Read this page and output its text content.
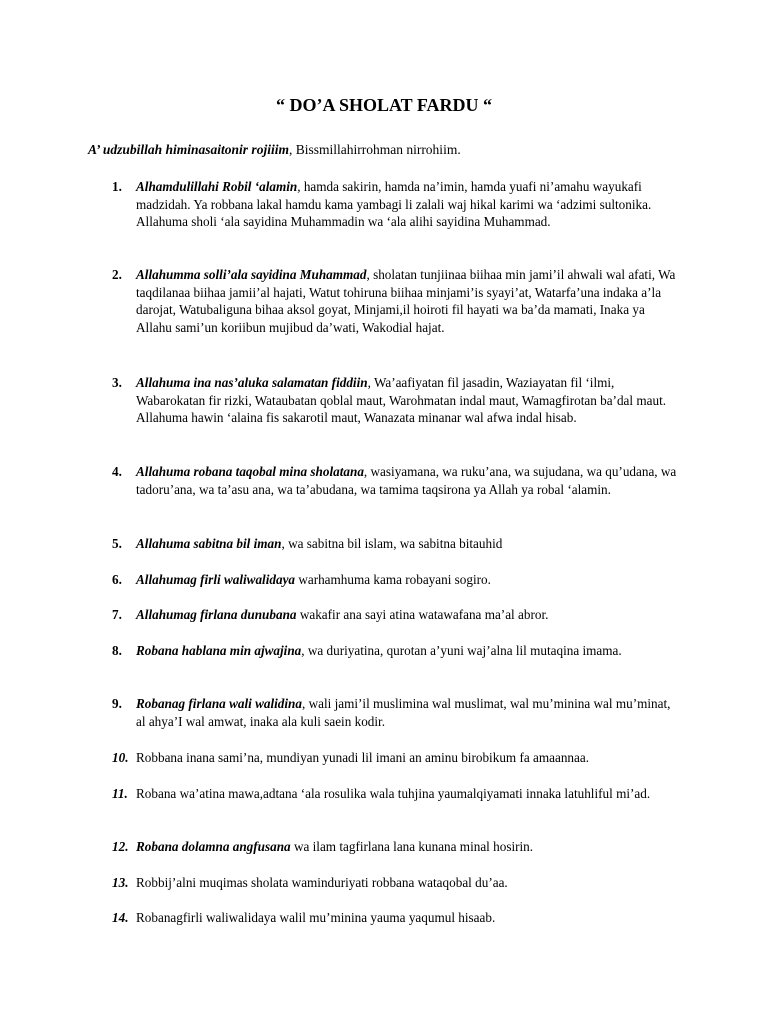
“ DO’A SHOLAT FARDU “
A’ udzubillah himinasaitonir rojiiim, Bissmillahirrohman nirrohiim.
1.	Alhamdulillahi Robil ‘alamin, hamda sakirin, hamda na’imin, hamda yuafi ni’amahu wayukafi madzidah. Ya robbana lakal hamdu kama yambagi li zalali waj hikal karimi wa ‘adzimi sultonika. Allahuma sholi ‘ala sayidina Muhammadin wa ‘ala alihi sayidina Muhammad.
2.	Allahumma solli’ala sayidina Muhammad, sholatan tunjiinaa biihaa min jami’il ahwali wal afati, Wa taqdilanaa biihaa jamii’al hajati, Watut tohiruna biihaa minjami’is syayi’at, Watarfa’una indaka a’la darojat, Watubaliguna bihaa aksol goyat, Minjami,il hoiroti fil hayati wa ba’da mamati, Inaka ya Allahu sami’un koriibun mujibud da’wati, Wakodial hajat.
3.	Allahuma ina nas’aluka salamatan fiddiin, Wa’aafiyatan fil jasadin, Waziayatan fil ‘ilmi, Wabarokatan fir rizki, Wataubatan qoblal maut, Warohmatan indal maut, Wamagfirotan ba’dal maut. Allahuma hawin ‘alaina fis sakarotil maut, Wanazata minanar wal afwa indal hisab.
4.	Allahuma robana taqobal mina sholatana, wasiyamana, wa ruku’ana, wa sujudana, wa qu’udana, wa tadoru’ana, wa ta’asu ana, wa ta’abudana, wa tamima taqsirona ya Allah ya robal ‘alamin.
5.	Allahuma sabitna bil iman, wa sabitna bil islam, wa sabitna bitauhid
6.	Allahumag firli waliwalidaya warhamhuma kama robayani sogiro.
7.	Allahumag firlana dunubana wakafir ana sayi atina watawafana ma’al abror.
8.	Robana hablana min ajwajina, wa duriyatina, qurotan a’yuni waj’alna lil mutaqina imama.
9.	Robanag firlana wali walidina, wali jami’il muslimina wal muslimat, wal mu’minina wal mu’minat, al ahya’I wal amwat, inaka ala kuli saein kodir.
10. Robbana inana sami’na, mundiyan yunadi lil imani an aminu birobikum fa amaannaa.
11. Robana wa’atina mawa,adtana ‘ala rosulika wala tuhjina yaumalqiyamati innaka latuhliful mi’ad.
12. Robana dolamna angfusana wa ilam tagfirlana lana kunana minal hosirin.
13. Robbij’alni muqimas sholata waminduriyati robbana wataqobal du’aa.
14. Robanagfirli waliwalidaya walil mu’minina yauma yaqumul hisaab.
